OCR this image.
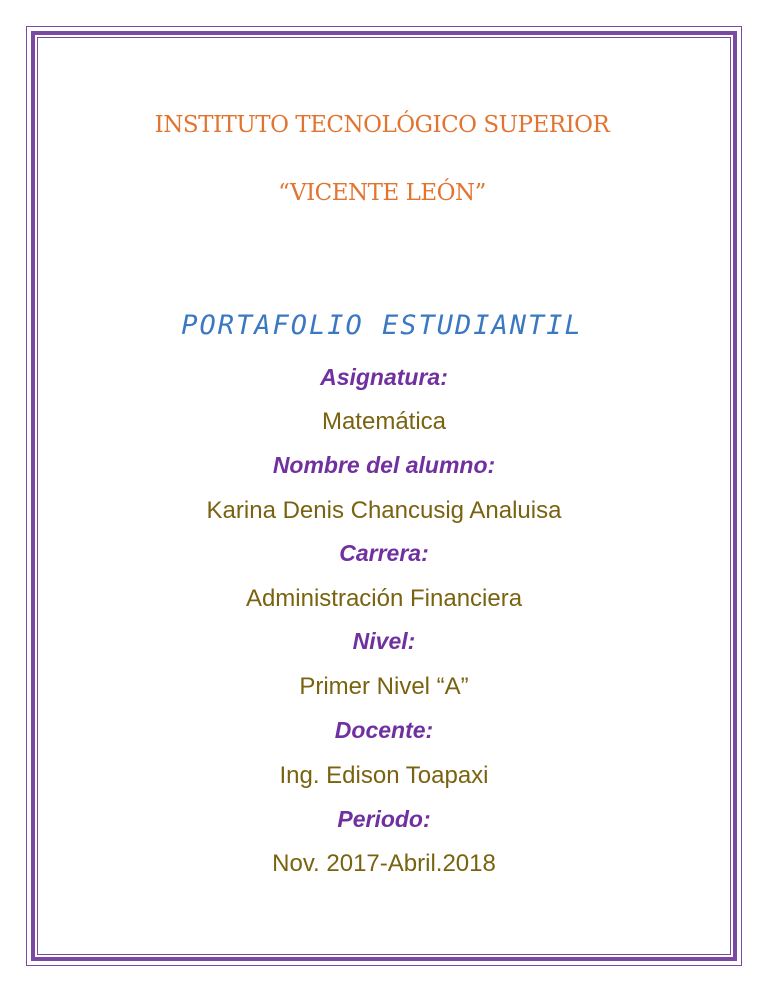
INSTITUTO TECNOLÓGICO SUPERIOR
“VICENTE LEÓN”
PORTAFOLIO ESTUDIANTIL
Asignatura:
Matemática
Nombre del alumno:
Karina Denis Chancusig Analuisa
Carrera:
Administración Financiera
Nivel:
Primer Nivel “A”
Docente:
Ing. Edison Toapaxi
Periodo:
Nov. 2017-Abril.2018
